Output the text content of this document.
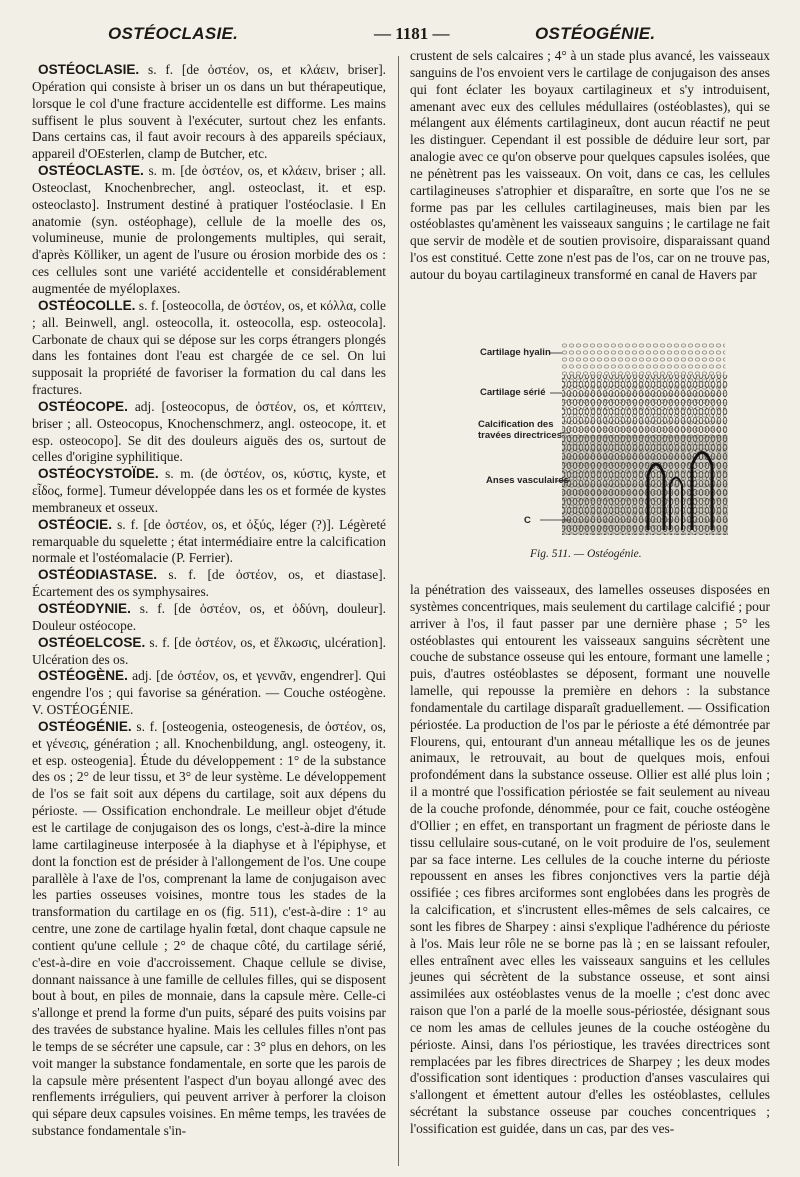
OSTÉOCLASIE.	— 1181 —	OSTÉOGÉNIE.

OSTÉOCLASIE. s. f. [de ὀστέον, os, et κλάειν, briser]. Opération qui consiste à briser un os dans un but thérapeutique, lorsque le col d'une fracture accidentelle est difforme. Les mains suffisent le plus souvent à l'exécuter, surtout chez les enfants. Dans certains cas, il faut avoir recours à des appareils spéciaux, appareil d'OEsterlen, clamp de Butcher, etc.

OSTÉOCLASTE. s. m. [de ὀστέον, os, et κλάειν, briser ; all. Osteoclast, Knochenbrecher, angl. osteoclast, it. et esp. osteoclasto]. Instrument destiné à pratiquer l'ostéoclasie. ‖ En anatomie (syn. ostéophage), cellule de la moelle des os, volumineuse, munie de prolongements multiples, qui serait, d'après Kölliker, un agent de l'usure ou érosion morbide des os : ces cellules sont une variété accidentelle et considérablement augmentée de myéloplaxes.

OSTÉOCOLLE. s. f. [osteocolla, de ὀστέον, os, et κόλλα, colle ; all. Beinwell, angl. osteocolla, it. osteocolla, esp. osteocola]. Carbonate de chaux qui se dépose sur les corps étrangers plongés dans les fontaines dont l'eau est chargée de ce sel. On lui supposait la propriété de favoriser la formation du cal dans les fractures.

OSTÉOCOPE. adj. [osteocopus, de ὀστέον, os, et κόπτειν, briser ; all. Osteocopus, Knochenschmerz, angl. osteocope, it. et esp. osteocopo]. Se dit des douleurs aiguës des os, surtout de celles d'origine syphilitique.

OSTÉOCYSTOÏDE. s. m. (de ὀστέον, os, κύστις, kyste, et εἶδος, forme]. Tumeur développée dans les os et formée de kystes membraneux et osseux.

OSTÉOCIE. s. f. [de ὀστέον, os, et ὀξύς, léger (?)]. Légèreté remarquable du squelette ; état intermédiaire entre la calcification normale et l'ostéomalacie (P. Ferrier).

OSTÉODIASTASE. s. f. [de ὀστέον, os, et diastase]. Écartement des os symphysaires.

OSTÉODYNIE. s. f. [de ὀστέον, os, et ὀδύνη, douleur]. Douleur ostéocope.

OSTÉOELCOSE. s. f. [de ὀστέον, os, et ἕλκωσις, ulcération]. Ulcération des os.

OSTÉOGÈNE. adj. [de ὀστέον, os, et γεννᾶν, engendrer]. Qui engendre l'os ; qui favorise sa génération. — Couche ostéogène. V. OSTÉOGÉNIE.

OSTÉOGÉNIE. s. f. [osteogenia, osteogenesis, de ὀστέον, os, et γένεσις, génération ; all. Knochenbildung, angl. osteogeny, it. et esp. osteogenia]. Étude du développement : 1° de la substance des os ; 2° de leur tissu, et 3° de leur système. Le développement de l'os se fait soit aux dépens du cartilage, soit aux dépens du périoste. — Ossification enchondrale. Le meilleur objet d'étude est le cartilage de conjugaison des os longs, c'est-à-dire la mince lame cartilagineuse interposée à la diaphyse et à l'épiphyse, et dont la fonction est de présider à l'allongement de l'os. Une coupe parallèle à l'axe de l'os, comprenant la lame de conjugaison avec les parties osseuses voisines, montre tous les stades de la transformation du cartilage en os (fig. 511), c'est-à-dire : 1° au centre, une zone de cartilage hyalin fœtal, dont chaque capsule ne contient qu'une cellule ; 2° de chaque côté, du cartilage sérié, c'est-à-dire en voie d'accroissement. Chaque cellule se divise, donnant naissance à une famille de cellules filles, qui se disposent bout à bout, en piles de monnaie, dans la capsule mère. Celle-ci s'allonge et prend la forme d'un puits, séparé des puits voisins par des travées de substance hyaline. Mais les cellules filles n'ont pas le temps de se sécréter une capsule, car : 3° plus en dehors, on les voit manger la substance fondamentale, en sorte que les parois de la capsule mère présentent l'aspect d'un boyau allongé avec des renflements irréguliers, qui peuvent arriver à perforer la cloison qui sépare deux capsules voisines. En même temps, les travées de substance fondamentale s'in-

crustent de sels calcaires ; 4° à un stade plus avancé, les vaisseaux sanguins de l'os envoient vers le cartilage de conjugaison des anses qui font éclater les boyaux cartilagineux et s'y introduisent, amenant avec eux des cellules médullaires (ostéoblastes), qui se mélangent aux éléments cartilagineux, dont aucun réactif ne peut les distinguer. Cependant il est possible de déduire leur sort, par analogie avec ce qu'on observe pour quelques capsules isolées, que ne pénètrent pas les vaisseaux. On voit, dans ce cas, les cellules cartilagineuses s'atrophier et disparaître, en sorte que l'os ne se forme pas par les cellules cartilagineuses, mais bien par les ostéoblastes qu'amènent les vaisseaux sanguins ; le cartilage ne fait que servir de modèle et de soutien provisoire, disparaissant quand l'os est constitué. Cette zone n'est pas de l'os, car on ne trouve pas, autour du boyau cartilagineux transformé en canal de Havers par

Cartilage hyalin
Cartilage sérié
Calcification des travées directrices
Anses vasculaires
C
Fig. 511. — Ostéogénie.

la pénétration des vaisseaux, des lamelles osseuses disposées en systèmes concentriques, mais seulement du cartilage calcifié ; pour arriver à l'os, il faut passer par une dernière phase ; 5° les ostéoblastes qui entourent les vaisseaux sanguins sécrètent une couche de substance osseuse qui les entoure, formant une lamelle ; puis, d'autres ostéoblastes se déposent, formant une nouvelle lamelle, qui repousse la première en dehors : la substance fondamentale du cartilage disparaît graduellement. — Ossification périostée. La production de l'os par le périoste a été démontrée par Flourens, qui, entourant d'un anneau métallique les os de jeunes animaux, le retrouvait, au bout de quelques mois, enfoui profondément dans la substance osseuse. Ollier est allé plus loin ; il a montré que l'ossification périostée se fait seulement au niveau de la couche profonde, dénommée, pour ce fait, couche ostéogène d'Ollier ; en effet, en transportant un fragment de périoste dans le tissu cellulaire sous-cutané, on le voit produire de l'os, seulement par sa face interne. Les cellules de la couche interne du périoste repoussent en anses les fibres conjonctives vers la partie déjà ossifiée ; ces fibres arciformes sont englobées dans les progrès de la calcification, et s'incrustent elles-mêmes de sels calcaires, ce sont les fibres de Sharpey : ainsi s'explique l'adhérence du périoste à l'os. Mais leur rôle ne se borne pas là ; en se laissant refouler, elles entraînent avec elles les vaisseaux sanguins et les cellules jeunes qui sécrètent de la substance osseuse, et sont ainsi assimilées aux ostéoblastes venus de la moelle ; c'est donc avec raison que l'on a parlé de la moelle sous-périostée, désignant sous ce nom les amas de cellules jeunes de la couche ostéogène du périoste. Ainsi, dans l'os périostique, les travées directrices sont remplacées par les fibres directrices de Sharpey ; les deux modes d'ossification sont identiques : production d'anses vasculaires qui s'allongent et émettent autour d'elles les ostéoblastes, cellules sécrétant la substance osseuse par couches concentriques ; l'ossification est guidée, dans un cas, par des ves-
